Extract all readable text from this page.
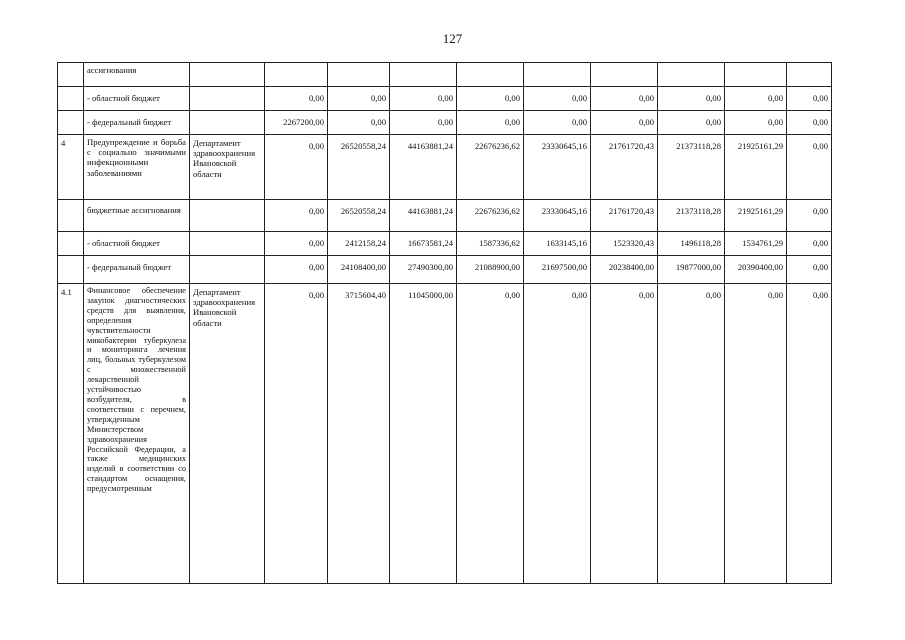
127
	ассигнования										
	- областной бюджет		0,00	0,00	0,00	0,00	0,00	0,00	0,00	0,00	0,00
	- федеральный бюджет		2267200,00	0,00	0,00	0,00	0,00	0,00	0,00	0,00	0,00
4	Предупреждение и борьба с социально значимыми инфекционными заболеваниями	Департамент здравоохранения Ивановской области	0,00	26520558,24	44163881,24	22676236,62	23330645,16	21761720,43	21373118,28	21925161,29	0,00
	бюджетные ассигнования		0,00	26520558,24	44163881,24	22676236,62	23330645,16	21761720,43	21373118,28	21925161,29	0,00
	- областной бюджет		0,00	2412158,24	16673581,24	1587336,62	1633145,16	1523320,43	1496118,28	1534761,29	0,00
	- федеральный бюджет		0,00	24108400,00	27490300,00	21088900,00	21697500,00	20238400,00	19877000,00	20390400,00	0,00
4.1	Финансовое обеспечение закупок диагностических средств для выявления, определения чувствительности микобактерии туберкулеза и мониторинга лечения лиц, больных туберкулезом с множественной лекарственной устойчивостью возбудителя, в соответствии с перечнем, утвержденным Министерством здравоохранения Российской Федерации, а также медицинских изделий в соответствии со стандартом оснащения, предусмотренным	Департамент здравоохранения Ивановской области	0,00	3715604,40	11045000,00	0,00	0,00	0,00	0,00	0,00	0,00
